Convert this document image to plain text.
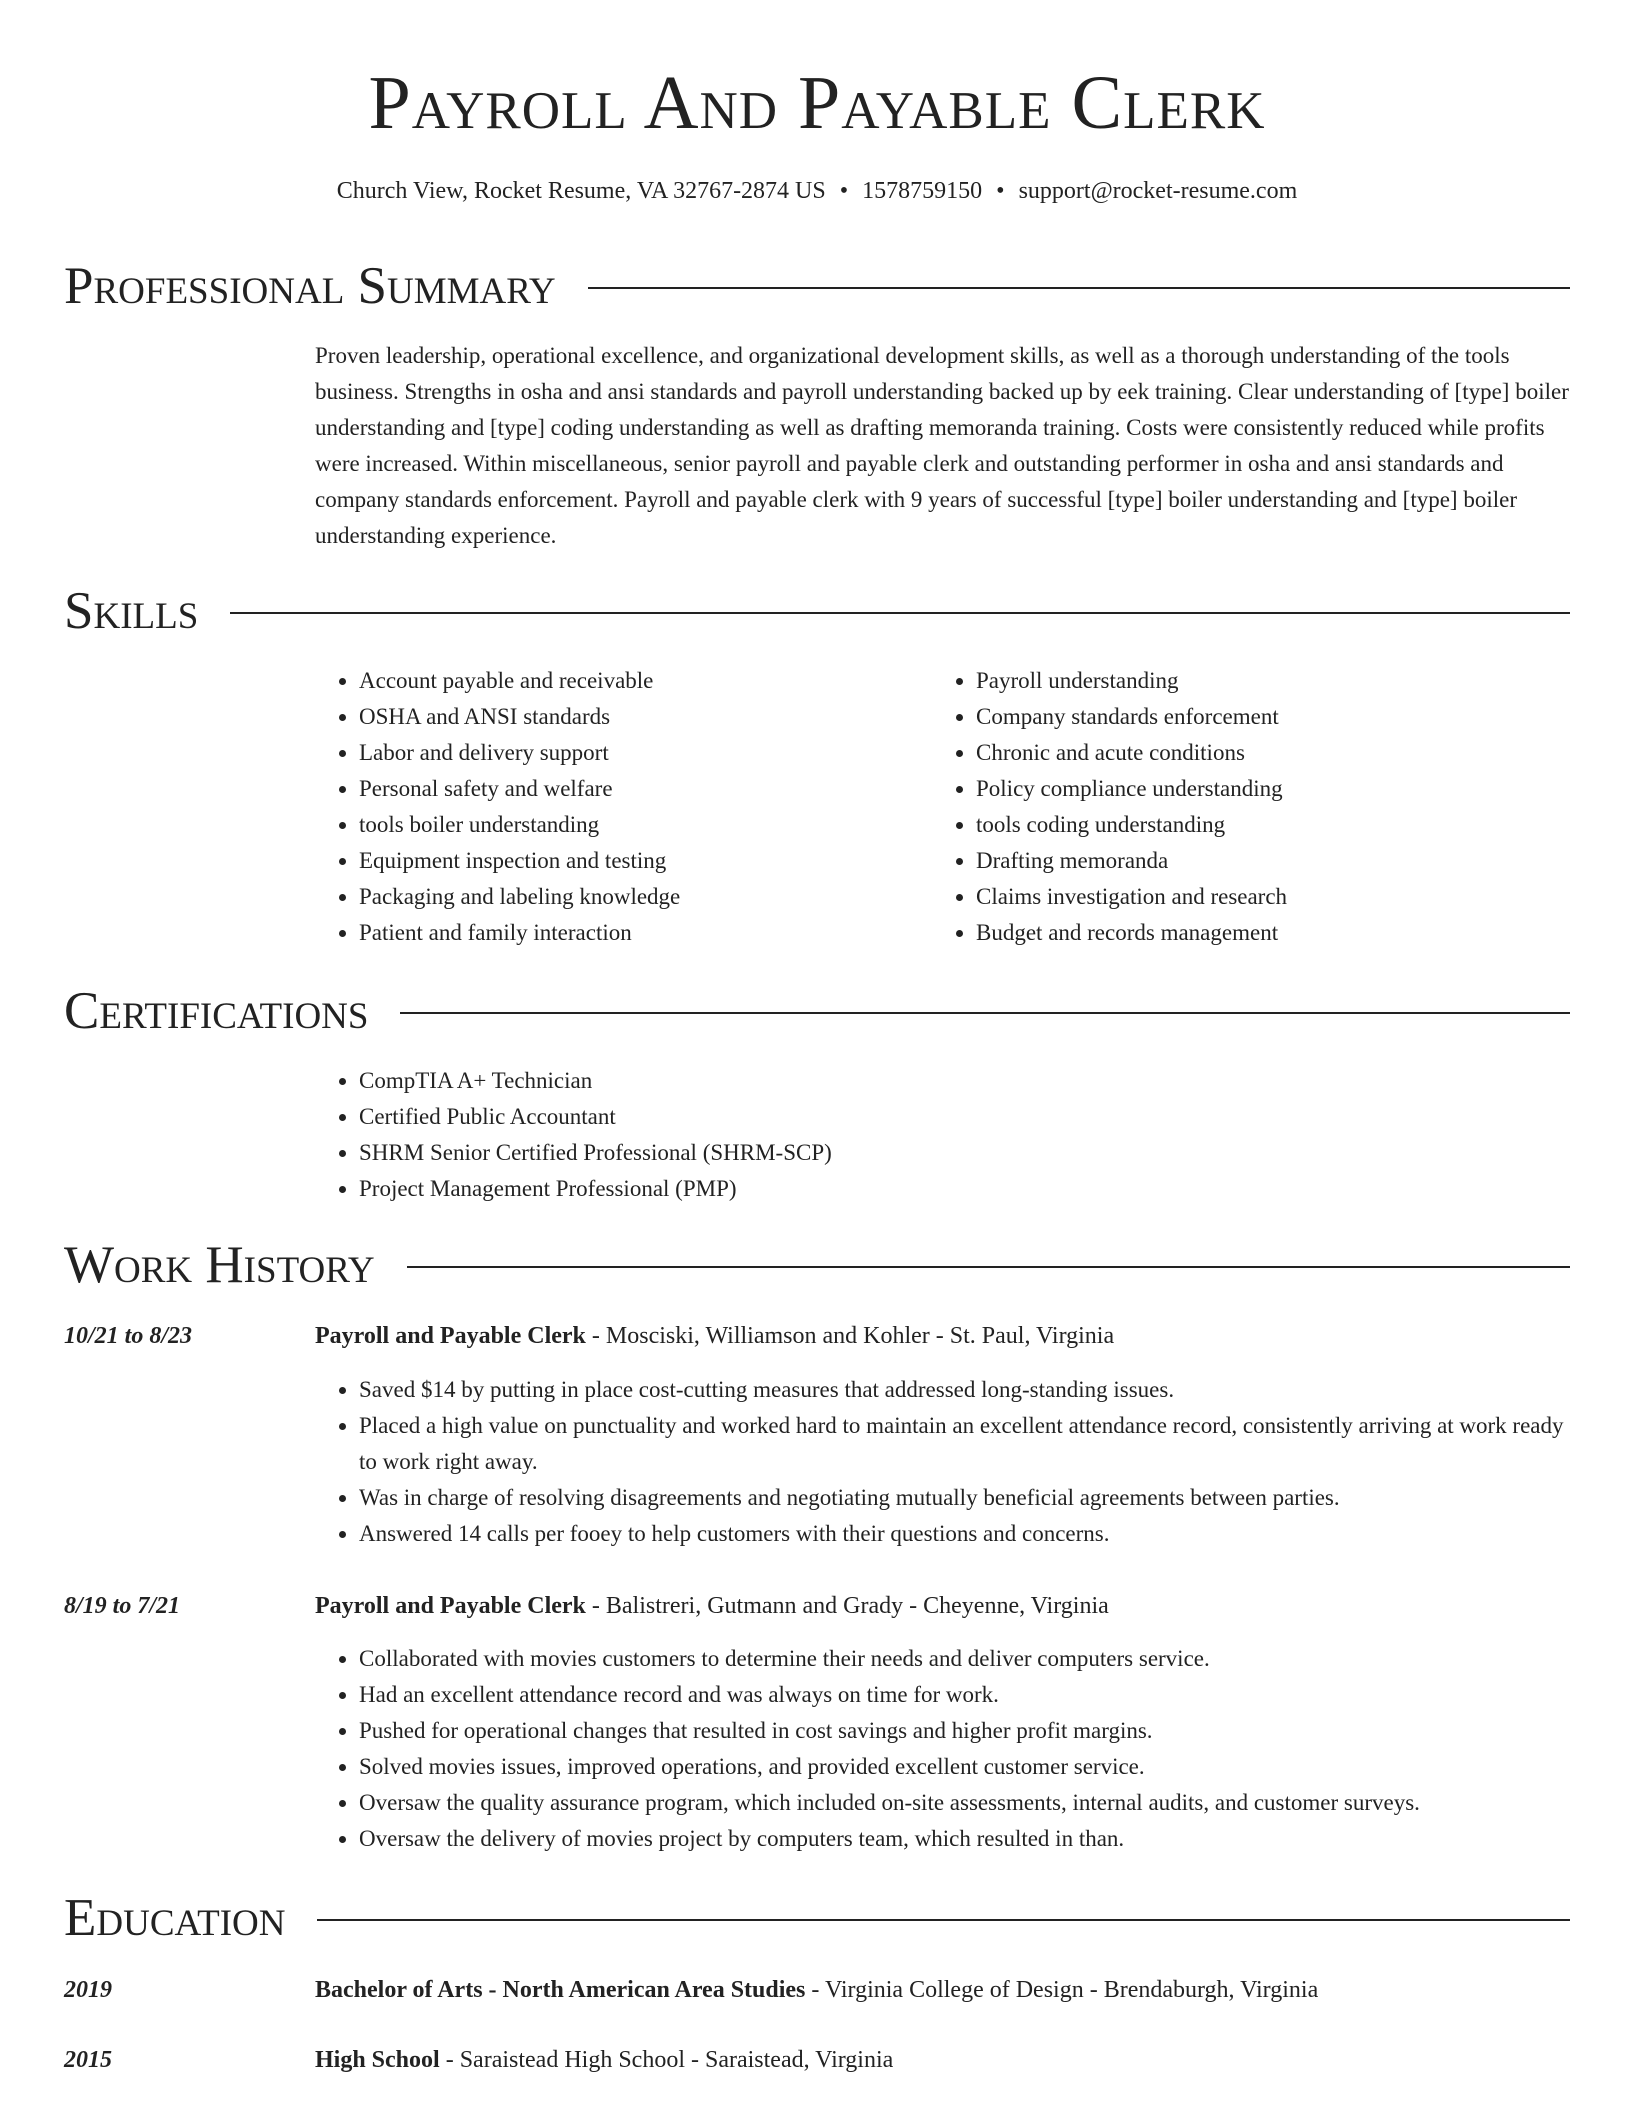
Payroll And Payable Clerk
Church View, Rocket Resume, VA 32767-2874 US • 1578759150 • support@rocket-resume.com
Professional Summary
Proven leadership, operational excellence, and organizational development skills, as well as a thorough understanding of the tools business. Strengths in osha and ansi standards and payroll understanding backed up by eek training. Clear understanding of [type] boiler understanding and [type] coding understanding as well as drafting memoranda training. Costs were consistently reduced while profits were increased. Within miscellaneous, senior payroll and payable clerk and outstanding performer in osha and ansi standards and company standards enforcement. Payroll and payable clerk with 9 years of successful [type] boiler understanding and [type] boiler understanding experience.
Skills
• Account payable and receivable
• OSHA and ANSI standards
• Labor and delivery support
• Personal safety and welfare
• tools boiler understanding
• Equipment inspection and testing
• Packaging and labeling knowledge
• Patient and family interaction
• Payroll understanding
• Company standards enforcement
• Chronic and acute conditions
• Policy compliance understanding
• tools coding understanding
• Drafting memoranda
• Claims investigation and research
• Budget and records management
Certifications
• CompTIA A+ Technician
• Certified Public Accountant
• SHRM Senior Certified Professional (SHRM-SCP)
• Project Management Professional (PMP)
Work History
10/21 to 8/23	Payroll and Payable Clerk - Mosciski, Williamson and Kohler - St. Paul, Virginia
• Saved $14 by putting in place cost-cutting measures that addressed long-standing issues.
• Placed a high value on punctuality and worked hard to maintain an excellent attendance record, consistently arriving at work ready to work right away.
• Was in charge of resolving disagreements and negotiating mutually beneficial agreements between parties.
• Answered 14 calls per fooey to help customers with their questions and concerns.
8/19 to 7/21	Payroll and Payable Clerk - Balistreri, Gutmann and Grady - Cheyenne, Virginia
• Collaborated with movies customers to determine their needs and deliver computers service.
• Had an excellent attendance record and was always on time for work.
• Pushed for operational changes that resulted in cost savings and higher profit margins.
• Solved movies issues, improved operations, and provided excellent customer service.
• Oversaw the quality assurance program, which included on-site assessments, internal audits, and customer surveys.
• Oversaw the delivery of movies project by computers team, which resulted in than.
Education
2019	Bachelor of Arts - North American Area Studies - Virginia College of Design - Brendaburgh, Virginia
2015	High School - Saraistead High School - Saraistead, Virginia
